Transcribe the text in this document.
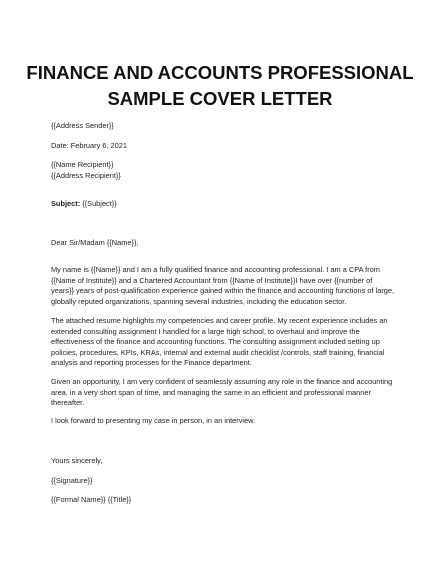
FINANCE AND ACCOUNTS PROFESSIONAL
SAMPLE COVER LETTER
{{Address Sender}}
Date: February 6, 2021
{{Name Recipient}}
{{Address Recipient}}
Subject: {{Subject}}
Dear Sir/Madam {{Name}},
My name is {{Name}} and I am a fully qualified finance and accounting professional. I am a CPA from
{{Name of Institute}} and a Chartered Accountant from {{Name of Institute}}I have over {{number of
years}} years of post-qualification experience gained within the finance and accounting functions of large,
globally reputed organizations, spanning several industries, including the education sector.
The attached resume highlights my competencies and career profile. My recent experience includes an
extended consulting assignment I handled for a large high school, to overhaul and improve the
effectiveness of the finance and accounting functions. The consulting assignment included setting up
policies, procedures, KPIs, KRAs, internal and external audit checklist /controls, staff training, financial
analysis and reporting processes for the Finance department.
Given an opportunity, I am very confident of seamlessly assuming any role in the finance and accounting
area, in a very short span of time, and managing the same in an efficient and professional manner
thereafter.
I look forward to presenting my case in person, in an interview.
Yours sincerely,
{{Signature}}
{{Formal Name}} {{Title}}
